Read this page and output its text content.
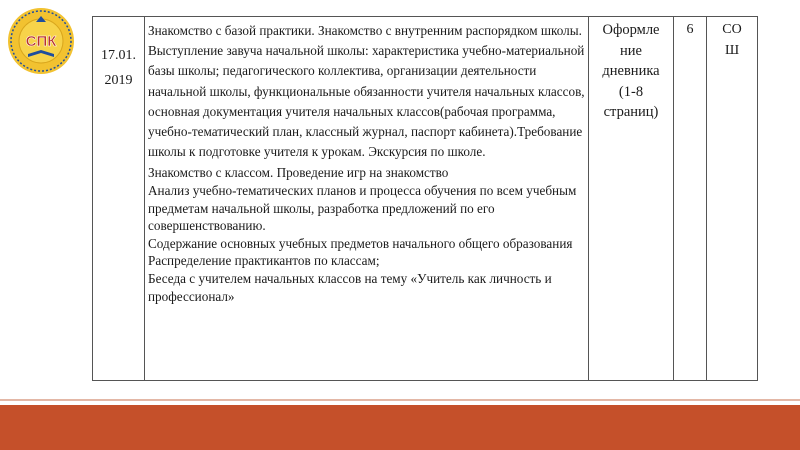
СПК
17.01.
2019

Знакомство с базой практики. Знакомство с внутренним распорядком школы. Выступление завуча начальной школы: характеристика учебно-материальной базы школы; педагогического коллектива, организации деятельности начальной школы, функциональные обязанности учителя начальных классов, основная документация учителя начальных классов(рабочая программа, учебно-тематический план, классный журнал, паспорт кабинета).Требование школы к подготовке учителя к урокам. Экскурсия по школе.
Знакомство с классом. Проведение игр на знакомство
Анализ учебно-тематических планов и процесса обучения по всем учебным предметам начальной школы, разработка предложений по его совершенствованию.
Содержание основных учебных предметов начального общего образования
Распределение практикантов по классам;
Беседа с учителем начальных классов на тему «Учитель как личность и профессионал»

Оформле
ние
дневника
(1-8
страниц)

6	СО
Ш
